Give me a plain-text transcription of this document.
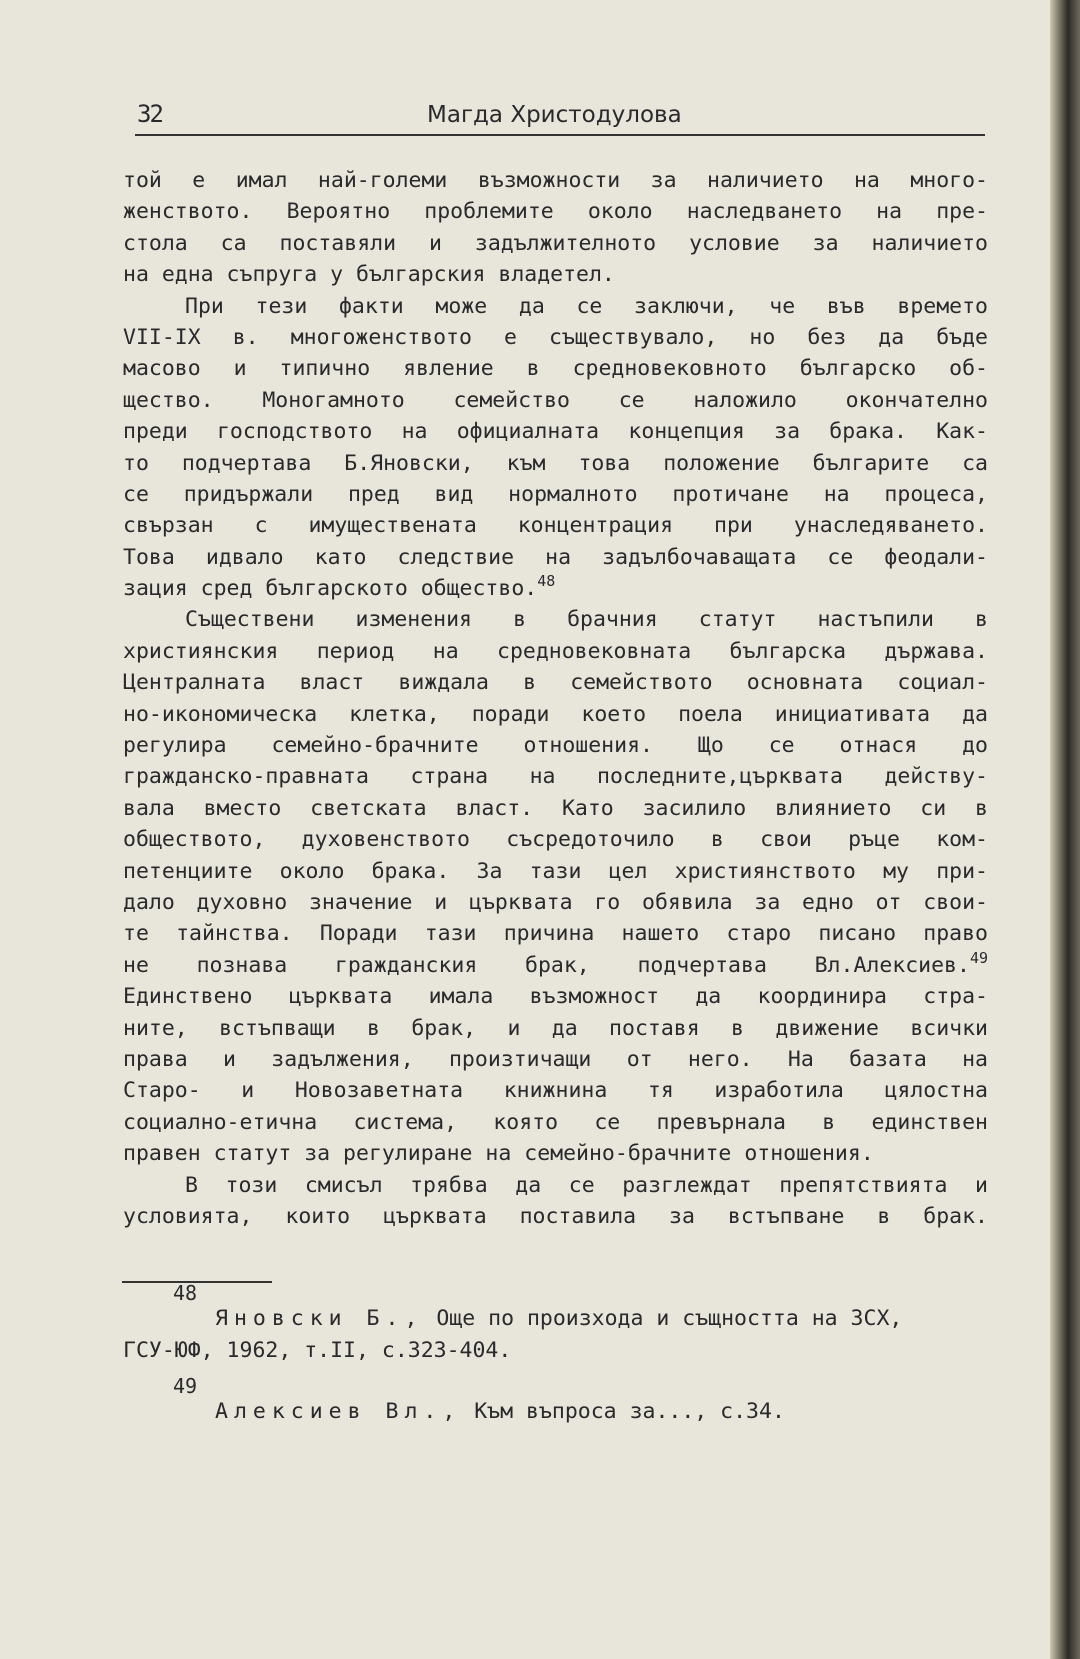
32	Магда Христодулова
той е имал най-големи възможности за наличието на много-
женството. Вероятно проблемите около наследването на пре-
стола са поставяли и задължителното условие за наличието
на една съпруга у българския владетел.
При тези факти може да се заключи, че във времето
VII-IX в. многоженството е съществувало, но без да бъде
масово и типично явление в средновековното българско об-
щество. Моногамното семейство се наложило окончателно
преди господството на официалната концепция за брака. Как-
то подчертава Б.Яновски, към това положение българите са
се придържали пред вид нормалното протичане на процеса,
свързан с имуществената концентрация при унаследяването.
Това идвало като следствие на задълбочаващата се феодали-
зация сред българското общество.$^{48}$
Съществени изменения в брачния статут настъпили в
християнския период на средновековната българска държава.
Централната власт виждала в семейството основната социал-
но-икономическа клетка, поради което поела инициативата да
регулира семейно-брачните отношения. Що се отнася до
гражданско-правната страна на последните,църквата действу-
вала вместо светската власт. Като засилило влиянието си в
обществото, духовенството съсредоточило в свои ръце ком-
петенциите около брака. За тази цел християнството му при-
дало духовно значение и църквата го обявила за едно от свои-
те тайнства. Поради тази причина нашето старо писано право
не познава гражданския брак, подчертава Вл.Алексиев.$^{49}$
Единствено църквата имала възможност да координира стра-
ните, встъпващи в брак, и да поставя в движение всички
права и задължения, произтичащи от него. На базата на
Старо- и Новозаветната книжнина тя изработила цялостна
социално-етична система, която се превърнала в единствен
правен статут за регулиране на семейно-брачните отношения.
В този смисъл трябва да се разглеждат препятствията и
условията, които църквата поставила за встъпване в брак.
48
Яновски Б., Още по произхода и същността на ЗСХ,
ГСУ-ЮФ, 1962, т.II, с.323-404.
49
Алексиев Вл., Към въпроса за..., с.34.
